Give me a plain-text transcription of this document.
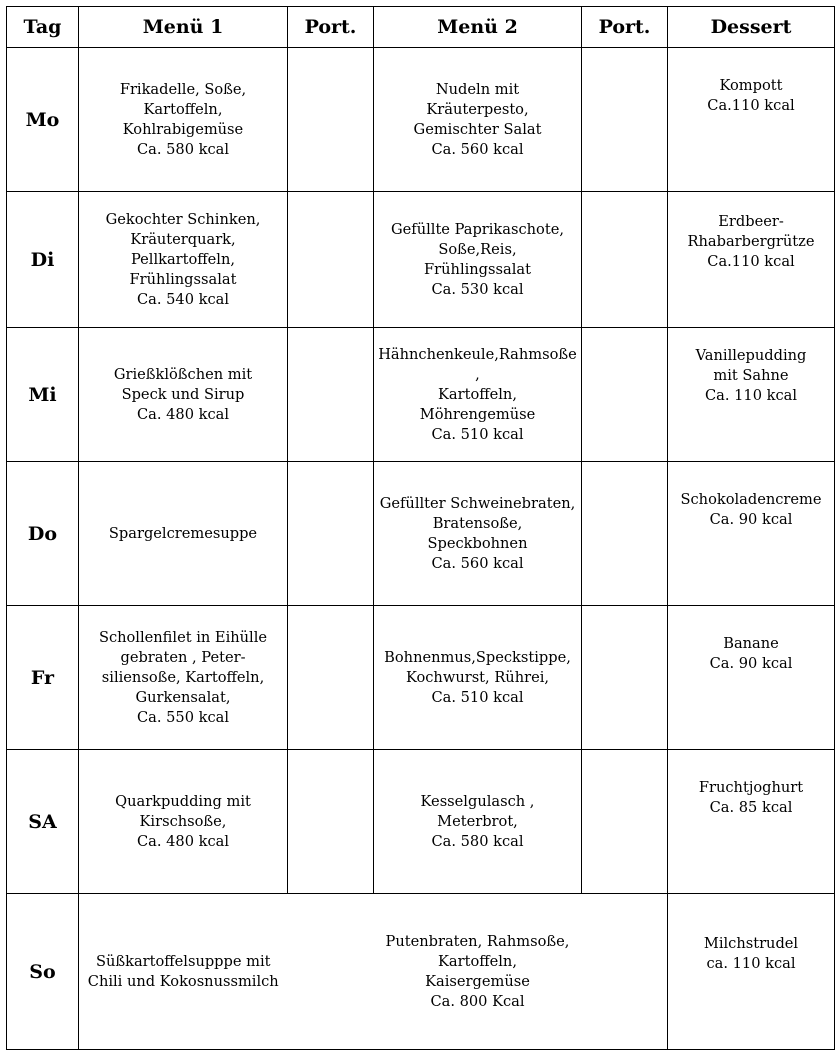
Tag	Menü 1	Port.	Menü 2	Port.	Dessert
Mo	Frikadelle, Soße,
Kartoffeln,
Kohlrabigemüse
Ca. 580 kcal		Nudeln mit
Kräuterpesto,
Gemischter Salat
Ca. 560 kcal		Kompott
Ca.110 kcal

Di	Gekochter Schinken,
Kräuterquark,
Pellkartoffeln,
Frühlingssalat
Ca. 540 kcal		Gefüllte Paprikaschote,
Soße,Reis,
Frühlingssalat
Ca. 530 kcal		Erdbeer-
Rhabarbergrütze
Ca.110 kcal

Mi	Grießklößchen mit
Speck und Sirup
Ca. 480 kcal		Hähnchenkeule,Rahmsoße
,
Kartoffeln,
Möhrengemüse
Ca. 510 kcal		Vanillepudding
mit Sahne
Ca. 110 kcal

Do	Spargelcremesuppe		Gefüllter Schweinebraten,
Bratensoße,
Speckbohnen
Ca. 560 kcal		Schokoladencreme
Ca. 90 kcal

Fr	Schollenfilet in Eihülle
gebraten , Peter-
siliensoße, Kartoffeln,
Gurkensalat,
Ca. 550 kcal		Bohnenmus,Speckstippe,
Kochwurst, Rührei,
Ca. 510 kcal		Banane
Ca. 90 kcal

SA	Quarkpudding mit
Kirschsoße,
Ca. 480 kcal		Kesselgulasch ,
Meterbrot,
Ca. 580 kcal		Fruchtjoghurt
Ca. 85 kcal

So	Süßkartoffelsupppe mit
Chili und Kokosnussmilch		Putenbraten, Rahmsoße,
Kartoffeln,
Kaisergemüse
Ca. 800 Kcal		Milchstrudel
ca. 110 kcal
